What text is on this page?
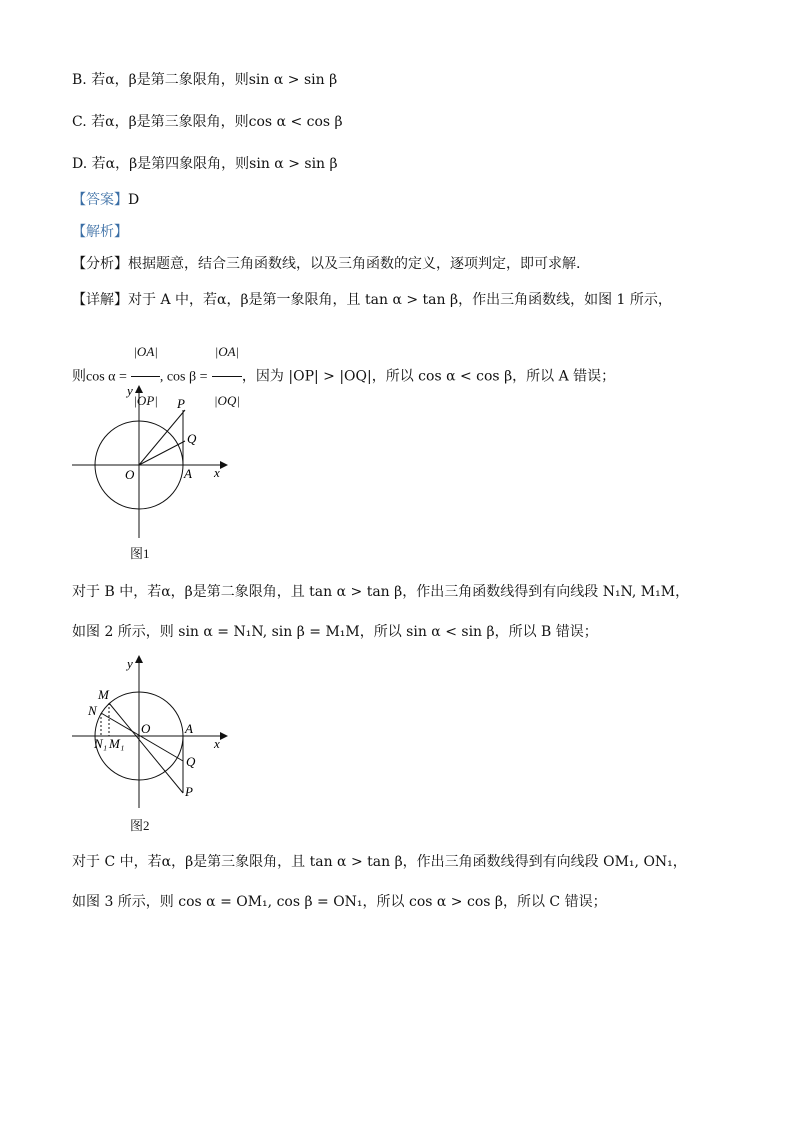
B. 若α，β是第二象限角，则sin α > sin β
C. 若α，β是第三象限角，则cos α < cos β
D. 若α，β是第四象限角，则sin α > sin β
【答案】D
【解析】
【分析】根据题意，结合三角函数线，以及三角函数的定义，逐项判定，即可求解.
【详解】对于 A 中，若α，β是第一象限角，且 tan α > tan β，作出三角函数线，如图 1 所示，
则$\cos \alpha = \frac{|OA|}{|OP|}$ , $\cos \beta = \frac{|OA|}{|OQ|}$ ，因为 |OP| > |OQ|，所以 cos α < cos β，所以 A 错误；
y
x
O	A
P
Q
图1
对于 B 中，若α，β是第二象限角，且 tan α > tan β，作出三角函数线得到有向线段 N₁N, M₁M，
如图 2 所示，则 sin α = N₁N, sin β = M₁M，所以 sin α < sin β，所以 B 错误；
y
x
O	A
P
Q
M
N
N₁ M₁
图2
对于 C 中，若α，β是第三象限角，且 tan α > tan β，作出三角函数线得到有向线段 OM₁, ON₁，
如图 3 所示，则 cos α = OM₁, cos β = ON₁，所以 cos α > cos β，所以 C 错误；
